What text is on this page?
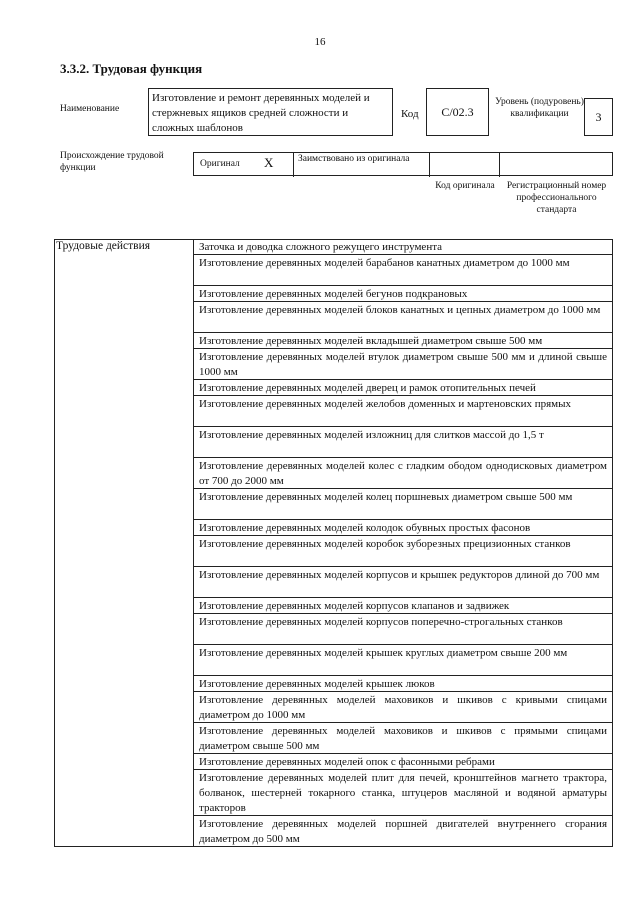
16
3.3.2. Трудовая функция
Наименование
Изготовление и ремонт деревянных моделей и стержневых ящиков средней сложности и сложных шаблонов
Код	С/02.3
Уровень (подуровень) квалификации	3
Происхождение трудовой функции	Оригинал Х	Заимствовано из оригинала
Код оригинала	Регистрационный номер профессионального стандарта
Трудовые действия	Заточка и доводка сложного режущего инструмента
Изготовление деревянных моделей барабанов канатных диаметром до 1000 мм
Изготовление деревянных моделей бегунов подкрановых
Изготовление деревянных моделей блоков канатных и цепных диаметром до 1000 мм
Изготовление деревянных моделей вкладышей диаметром свыше 500 мм
Изготовление деревянных моделей втулок диаметром свыше 500 мм и длиной свыше 1000 мм
Изготовление деревянных моделей дверец и рамок отопительных печей
Изготовление деревянных моделей желобов доменных и мартеновских прямых
Изготовление деревянных моделей изложниц для слитков массой до 1,5 т
Изготовление деревянных моделей колес с гладким ободом однодисковых диаметром от 700 до 2000 мм
Изготовление деревянных моделей колец поршневых диаметром свыше 500 мм
Изготовление деревянных моделей колодок обувных простых фасонов
Изготовление деревянных моделей коробок зуборезных прецизионных станков
Изготовление деревянных моделей корпусов и крышек редукторов длиной до 700 мм
Изготовление деревянных моделей корпусов клапанов и задвижек
Изготовление деревянных моделей корпусов поперечно-строгальных станков
Изготовление деревянных моделей крышек круглых диаметром свыше 200 мм
Изготовление деревянных моделей крышек люков
Изготовление деревянных моделей маховиков и шкивов с кривыми спицами диаметром до 1000 мм
Изготовление деревянных моделей маховиков и шкивов с прямыми спицами диаметром свыше 500 мм
Изготовление деревянных моделей опок с фасонными ребрами
Изготовление деревянных моделей плит для печей, кронштейнов магнето трактора, болванок, шестерней токарного станка, штуцеров масляной и водяной арматуры тракторов
Изготовление деревянных моделей поршней двигателей внутреннего сгорания диаметром до 500 мм
